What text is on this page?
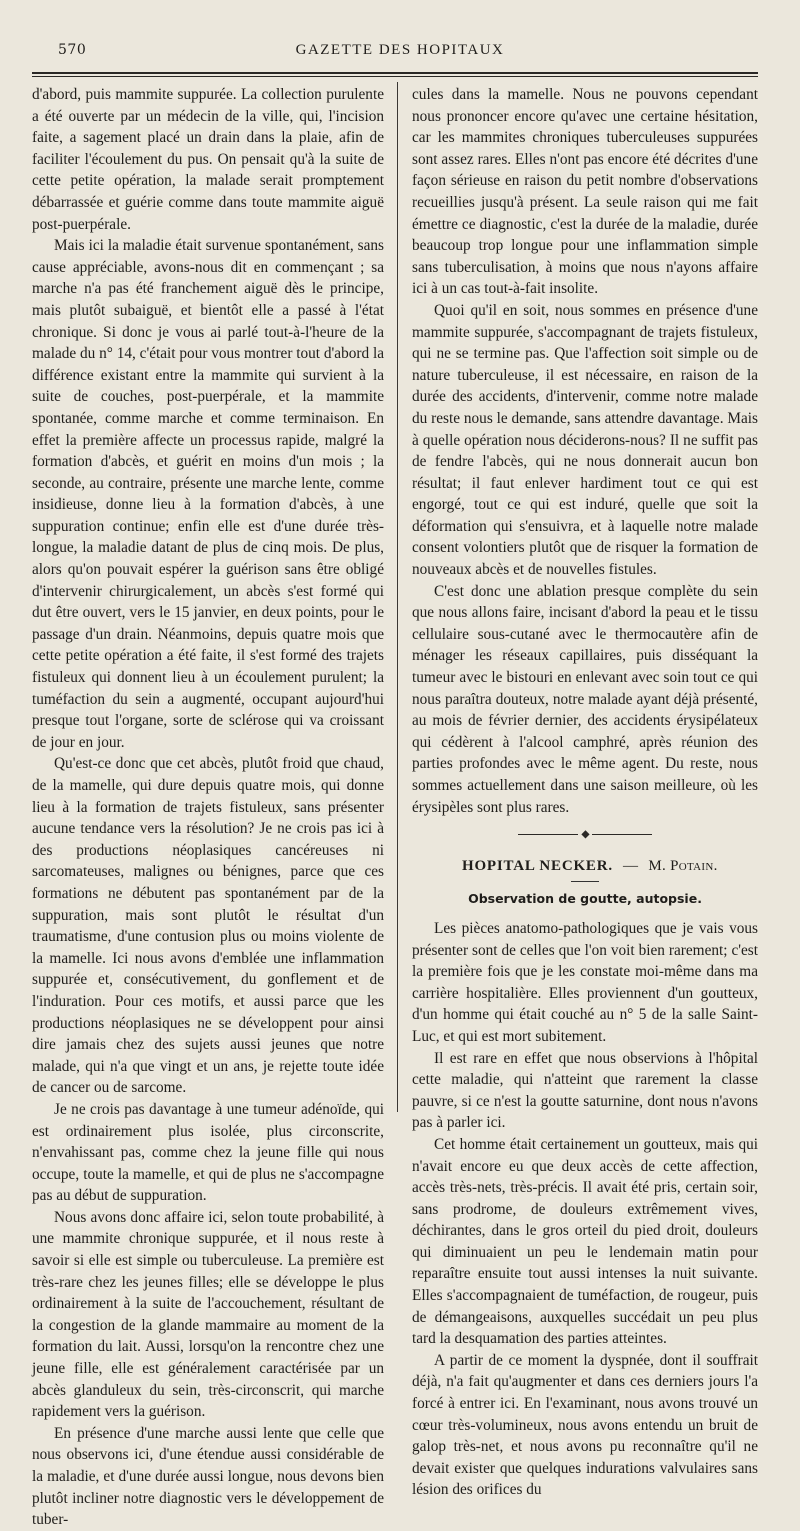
570	GAZETTE DES HOPITAUX

d'abord, puis mammite suppurée. La collection purulente a été ouverte par un médecin de la ville, qui, l'incision faite, a sagement placé un drain dans la plaie, afin de faciliter l'écoulement du pus. On pensait qu'à la suite de cette petite opération, la malade serait promptement débarrassée et guérie comme dans toute mammite aiguë post-puerpérale.

Mais ici la maladie était survenue spontanément, sans cause appréciable, avons-nous dit en commençant ; sa marche n'a pas été franchement aiguë dès le principe, mais plutôt subaiguë, et bientôt elle a passé à l'état chronique. Si donc je vous ai parlé tout-à-l'heure de la malade du n° 14, c'était pour vous montrer tout d'abord la différence existant entre la mammite qui survient à la suite de couches, post-puerpérale, et la mammite spontanée, comme marche et comme terminaison. En effet la première affecte un processus rapide, malgré la formation d'abcès, et guérit en moins d'un mois ; la seconde, au contraire, présente une marche lente, comme insidieuse, donne lieu à la formation d'abcès, à une suppuration continue; enfin elle est d'une durée très-longue, la maladie datant de plus de cinq mois. De plus, alors qu'on pouvait espérer la guérison sans être obligé d'intervenir chirurgicalement, un abcès s'est formé qui dut être ouvert, vers le 15 janvier, en deux points, pour le passage d'un drain. Néanmoins, depuis quatre mois que cette petite opération a été faite, il s'est formé des trajets fistuleux qui donnent lieu à un écoulement purulent; la tuméfaction du sein a augmenté, occupant aujourd'hui presque tout l'organe, sorte de sclérose qui va croissant de jour en jour.

Qu'est-ce donc que cet abcès, plutôt froid que chaud, de la mamelle, qui dure depuis quatre mois, qui donne lieu à la formation de trajets fistuleux, sans présenter aucune tendance vers la résolution? Je ne crois pas ici à des productions néoplasiques cancéreuses ni sarcomateuses, malignes ou bénignes, parce que ces formations ne débutent pas spontanément par de la suppuration, mais sont plutôt le résultat d'un traumatisme, d'une contusion plus ou moins violente de la mamelle. Ici nous avons d'emblée une inflammation suppurée et, consécutivement, du gonflement et de l'induration. Pour ces motifs, et aussi parce que les productions néoplasiques ne se développent pour ainsi dire jamais chez des sujets aussi jeunes que notre malade, qui n'a que vingt et un ans, je rejette toute idée de cancer ou de sarcome.

Je ne crois pas davantage à une tumeur adénoïde, qui est ordinairement plus isolée, plus circonscrite, n'envahissant pas, comme chez la jeune fille qui nous occupe, toute la mamelle, et qui de plus ne s'accompagne pas au début de suppuration.

Nous avons donc affaire ici, selon toute probabilité, à une mammite chronique suppurée, et il nous reste à savoir si elle est simple ou tuberculeuse. La première est très-rare chez les jeunes filles; elle se développe le plus ordinairement à la suite de l'accouchement, résultant de la congestion de la glande mammaire au moment de la formation du lait. Aussi, lorsqu'on la rencontre chez une jeune fille, elle est généralement caractérisée par un abcès glanduleux du sein, très-circonscrit, qui marche rapidement vers la guérison.

En présence d'une marche aussi lente que celle que nous observons ici, d'une étendue aussi considérable de la maladie, et d'une durée aussi longue, nous devons bien plutôt incliner notre diagnostic vers le développement de tuber-

cules dans la mamelle. Nous ne pouvons cependant nous prononcer encore qu'avec une certaine hésitation, car les mammites chroniques tuberculeuses suppurées sont assez rares. Elles n'ont pas encore été décrites d'une façon sérieuse en raison du petit nombre d'observations recueillies jusqu'à présent. La seule raison qui me fait émettre ce diagnostic, c'est la durée de la maladie, durée beaucoup trop longue pour une inflammation simple sans tuberculisation, à moins que nous n'ayons affaire ici à un cas tout-à-fait insolite.

Quoi qu'il en soit, nous sommes en présence d'une mammite suppurée, s'accompagnant de trajets fistuleux, qui ne se termine pas. Que l'affection soit simple ou de nature tuberculeuse, il est nécessaire, en raison de la durée des accidents, d'intervenir, comme notre malade du reste nous le demande, sans attendre davantage. Mais à quelle opération nous déciderons-nous? Il ne suffit pas de fendre l'abcès, qui ne nous donnerait aucun bon résultat; il faut enlever hardiment tout ce qui est engorgé, tout ce qui est induré, quelle que soit la déformation qui s'ensuivra, et à laquelle notre malade consent volontiers plutôt que de risquer la formation de nouveaux abcès et de nouvelles fistules.

C'est donc une ablation presque complète du sein que nous allons faire, incisant d'abord la peau et le tissu cellulaire sous-cutané avec le thermocautère afin de ménager les réseaux capillaires, puis disséquant la tumeur avec le bistouri en enlevant avec soin tout ce qui nous paraîtra douteux, notre malade ayant déjà présenté, au mois de février dernier, des accidents érysipélateux qui cédèrent à l'alcool camphré, après réunion des parties profondes avec le même agent. Du reste, nous sommes actuellement dans une saison meilleure, où les érysipèles sont plus rares.

◆
HOPITAL NECKER. — M. Potain.
Observation de goutte, autopsie.

Les pièces anatomo-pathologiques que je vais vous présenter sont de celles que l'on voit bien rarement; c'est la première fois que je les constate moi-même dans ma carrière hospitalière. Elles proviennent d'un goutteux, d'un homme qui était couché au n° 5 de la salle Saint-Luc, et qui est mort subitement.

Il est rare en effet que nous observions à l'hôpital cette maladie, qui n'atteint que rarement la classe pauvre, si ce n'est la goutte saturnine, dont nous n'avons pas à parler ici.

Cet homme était certainement un goutteux, mais qui n'avait encore eu que deux accès de cette affection, accès très-nets, très-précis. Il avait été pris, certain soir, sans prodrome, de douleurs extrêmement vives, déchirantes, dans le gros orteil du pied droit, douleurs qui diminuaient un peu le lendemain matin pour reparaître ensuite tout aussi intenses la nuit suivante. Elles s'accompagnaient de tuméfaction, de rougeur, puis de démangeaisons, auxquelles succédait un peu plus tard la desquamation des parties atteintes.

A partir de ce moment la dyspnée, dont il souffrait déjà, n'a fait qu'augmenter et dans ces derniers jours l'a forcé à entrer ici. En l'examinant, nous avons trouvé un cœur très-volumineux, nous avons entendu un bruit de galop très-net, et nous avons pu reconnaître qu'il ne devait exister que quelques indurations valvulaires sans lésion des orifices du
